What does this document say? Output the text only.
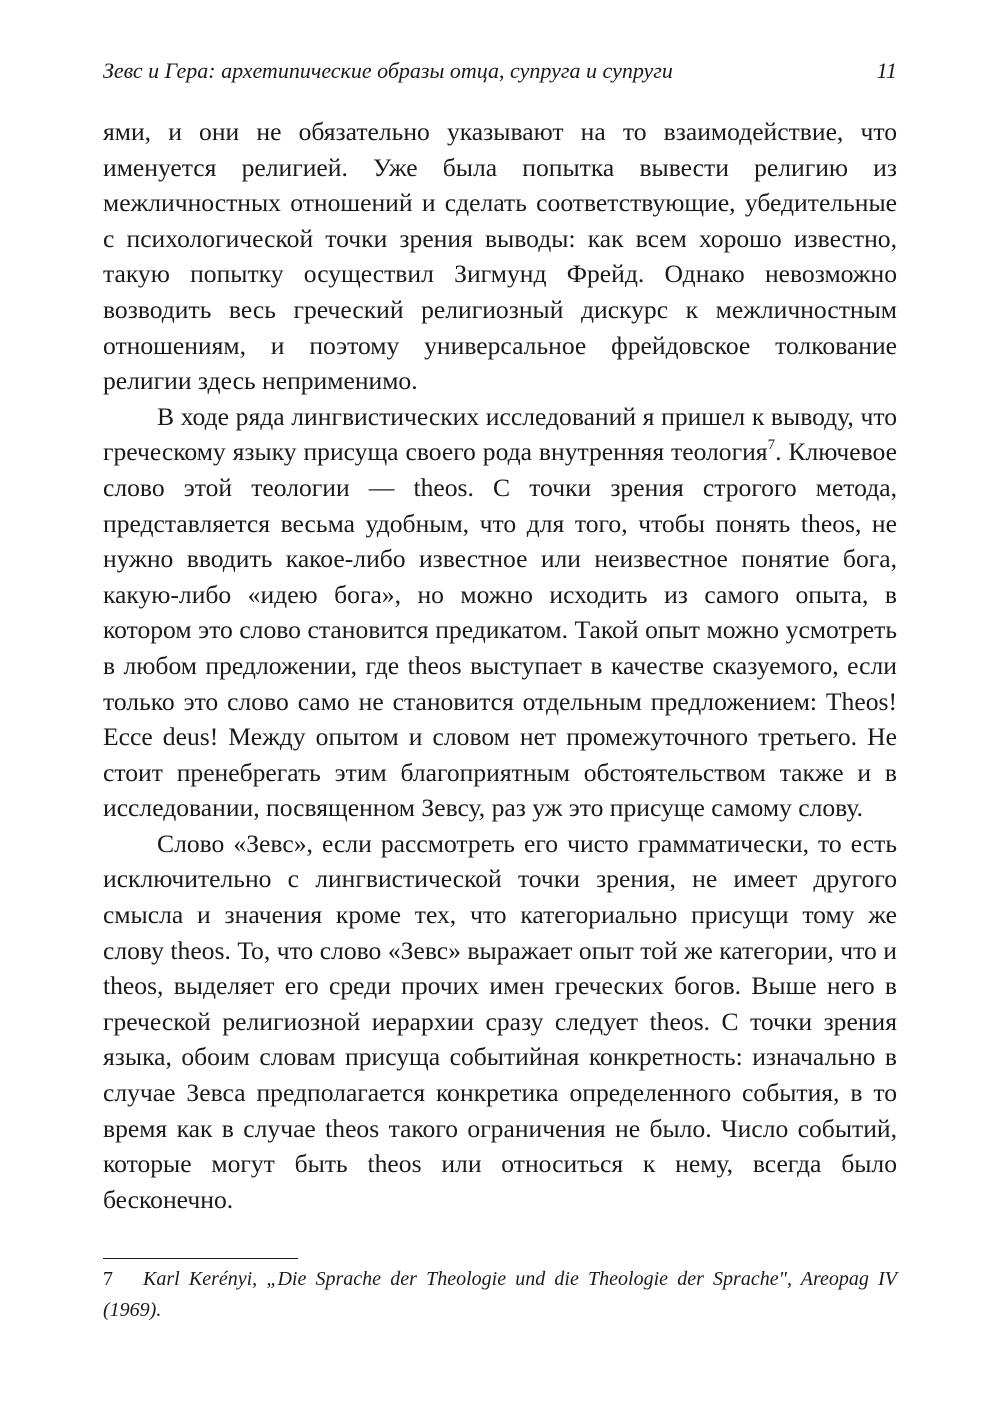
Зевс и Гера: архетипические образы отца, супруга и супруги	11

ями, и они не обязательно указывают на то взаимодействие, что именуется религией. Уже была попытка вывести религию из межличностных отношений и сделать соответствующие, убедительные с психологической точки зрения выводы: как всем хорошо известно, такую попытку осуществил Зигмунд Фрейд. Однако невозможно возводить весь греческий религиозный дискурс к межличностным отношениям, и поэтому универсальное фрейдовское толкование религии здесь неприменимо.

В ходе ряда лингвистических исследований я пришел к выводу, что греческому языку присуща своего рода внутренняя теология$^7$. Ключевое слово этой теологии — theos. С точки зрения строгого метода, представляется весьма удобным, что для того, чтобы понять theos, не нужно вводить какое-либо известное или неизвестное понятие бога, какую-либо «идею бога», но можно исходить из самого опыта, в котором это слово становится предикатом. Такой опыт можно усмотреть в любом предложении, где theos выступает в качестве сказуемого, если только это слово само не становится отдельным предложением: Theos! Ecce deus! Между опытом и словом нет промежуточного третьего. Не стоит пренебрегать этим благоприятным обстоятельством также и в исследовании, посвященном Зевсу, раз уж это присуще самому слову.

Слово «Зевс», если рассмотреть его чисто грамматически, то есть исключительно с лингвистической точки зрения, не имеет другого смысла и значения кроме тех, что категориально присущи тому же слову theos. То, что слово «Зевс» выражает опыт той же категории, что и theos, выделяет его среди прочих имен греческих богов. Выше него в греческой религиозной иерархии сразу следует theos. С точки зрения языка, обоим словам присуща событийная конкретность: изначально в случае Зевса предполагается конкретика определенного события, в то время как в случае theos такого ограничения не было. Число событий, которые могут быть theos или относиться к нему, всегда было бесконечно.

7 Karl Kerényi, „Die Sprache der Theologie und die Theologie der Sprache", Areopag IV (1969).
